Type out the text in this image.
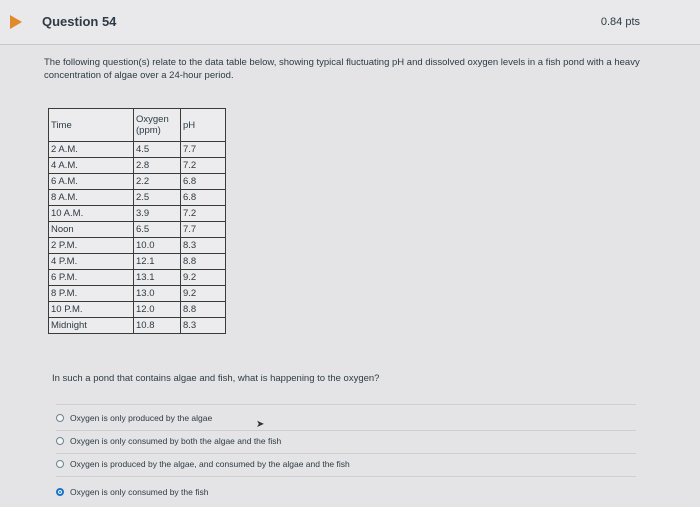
Question 54	0.84 pts
The following question(s) relate to the data table below, showing typical fluctuating pH and dissolved oxygen levels in a fish pond with a heavy concentration of algae over a 24-hour period.
Time	Oxygen (ppm)	pH
2 A.M.	4.5	7.7
4 A.M.	2.8	7.2
6 A.M.	2.2	6.8
8 A.M.	2.5	6.8
10 A.M.	3.9	7.2
Noon	6.5	7.7
2 P.M.	10.0	8.3
4 P.M.	12.1	8.8
6 P.M.	13.1	9.2
8 P.M.	13.0	9.2
10 P.M.	12.0	8.8
Midnight	10.8	8.3
In such a pond that contains algae and fish, what is happening to the oxygen?
Oxygen is only produced by the algae
Oxygen is only consumed by both the algae and the fish
Oxygen is produced by the algae, and consumed by the algae and the fish
Oxygen is only consumed by the fish
➤
